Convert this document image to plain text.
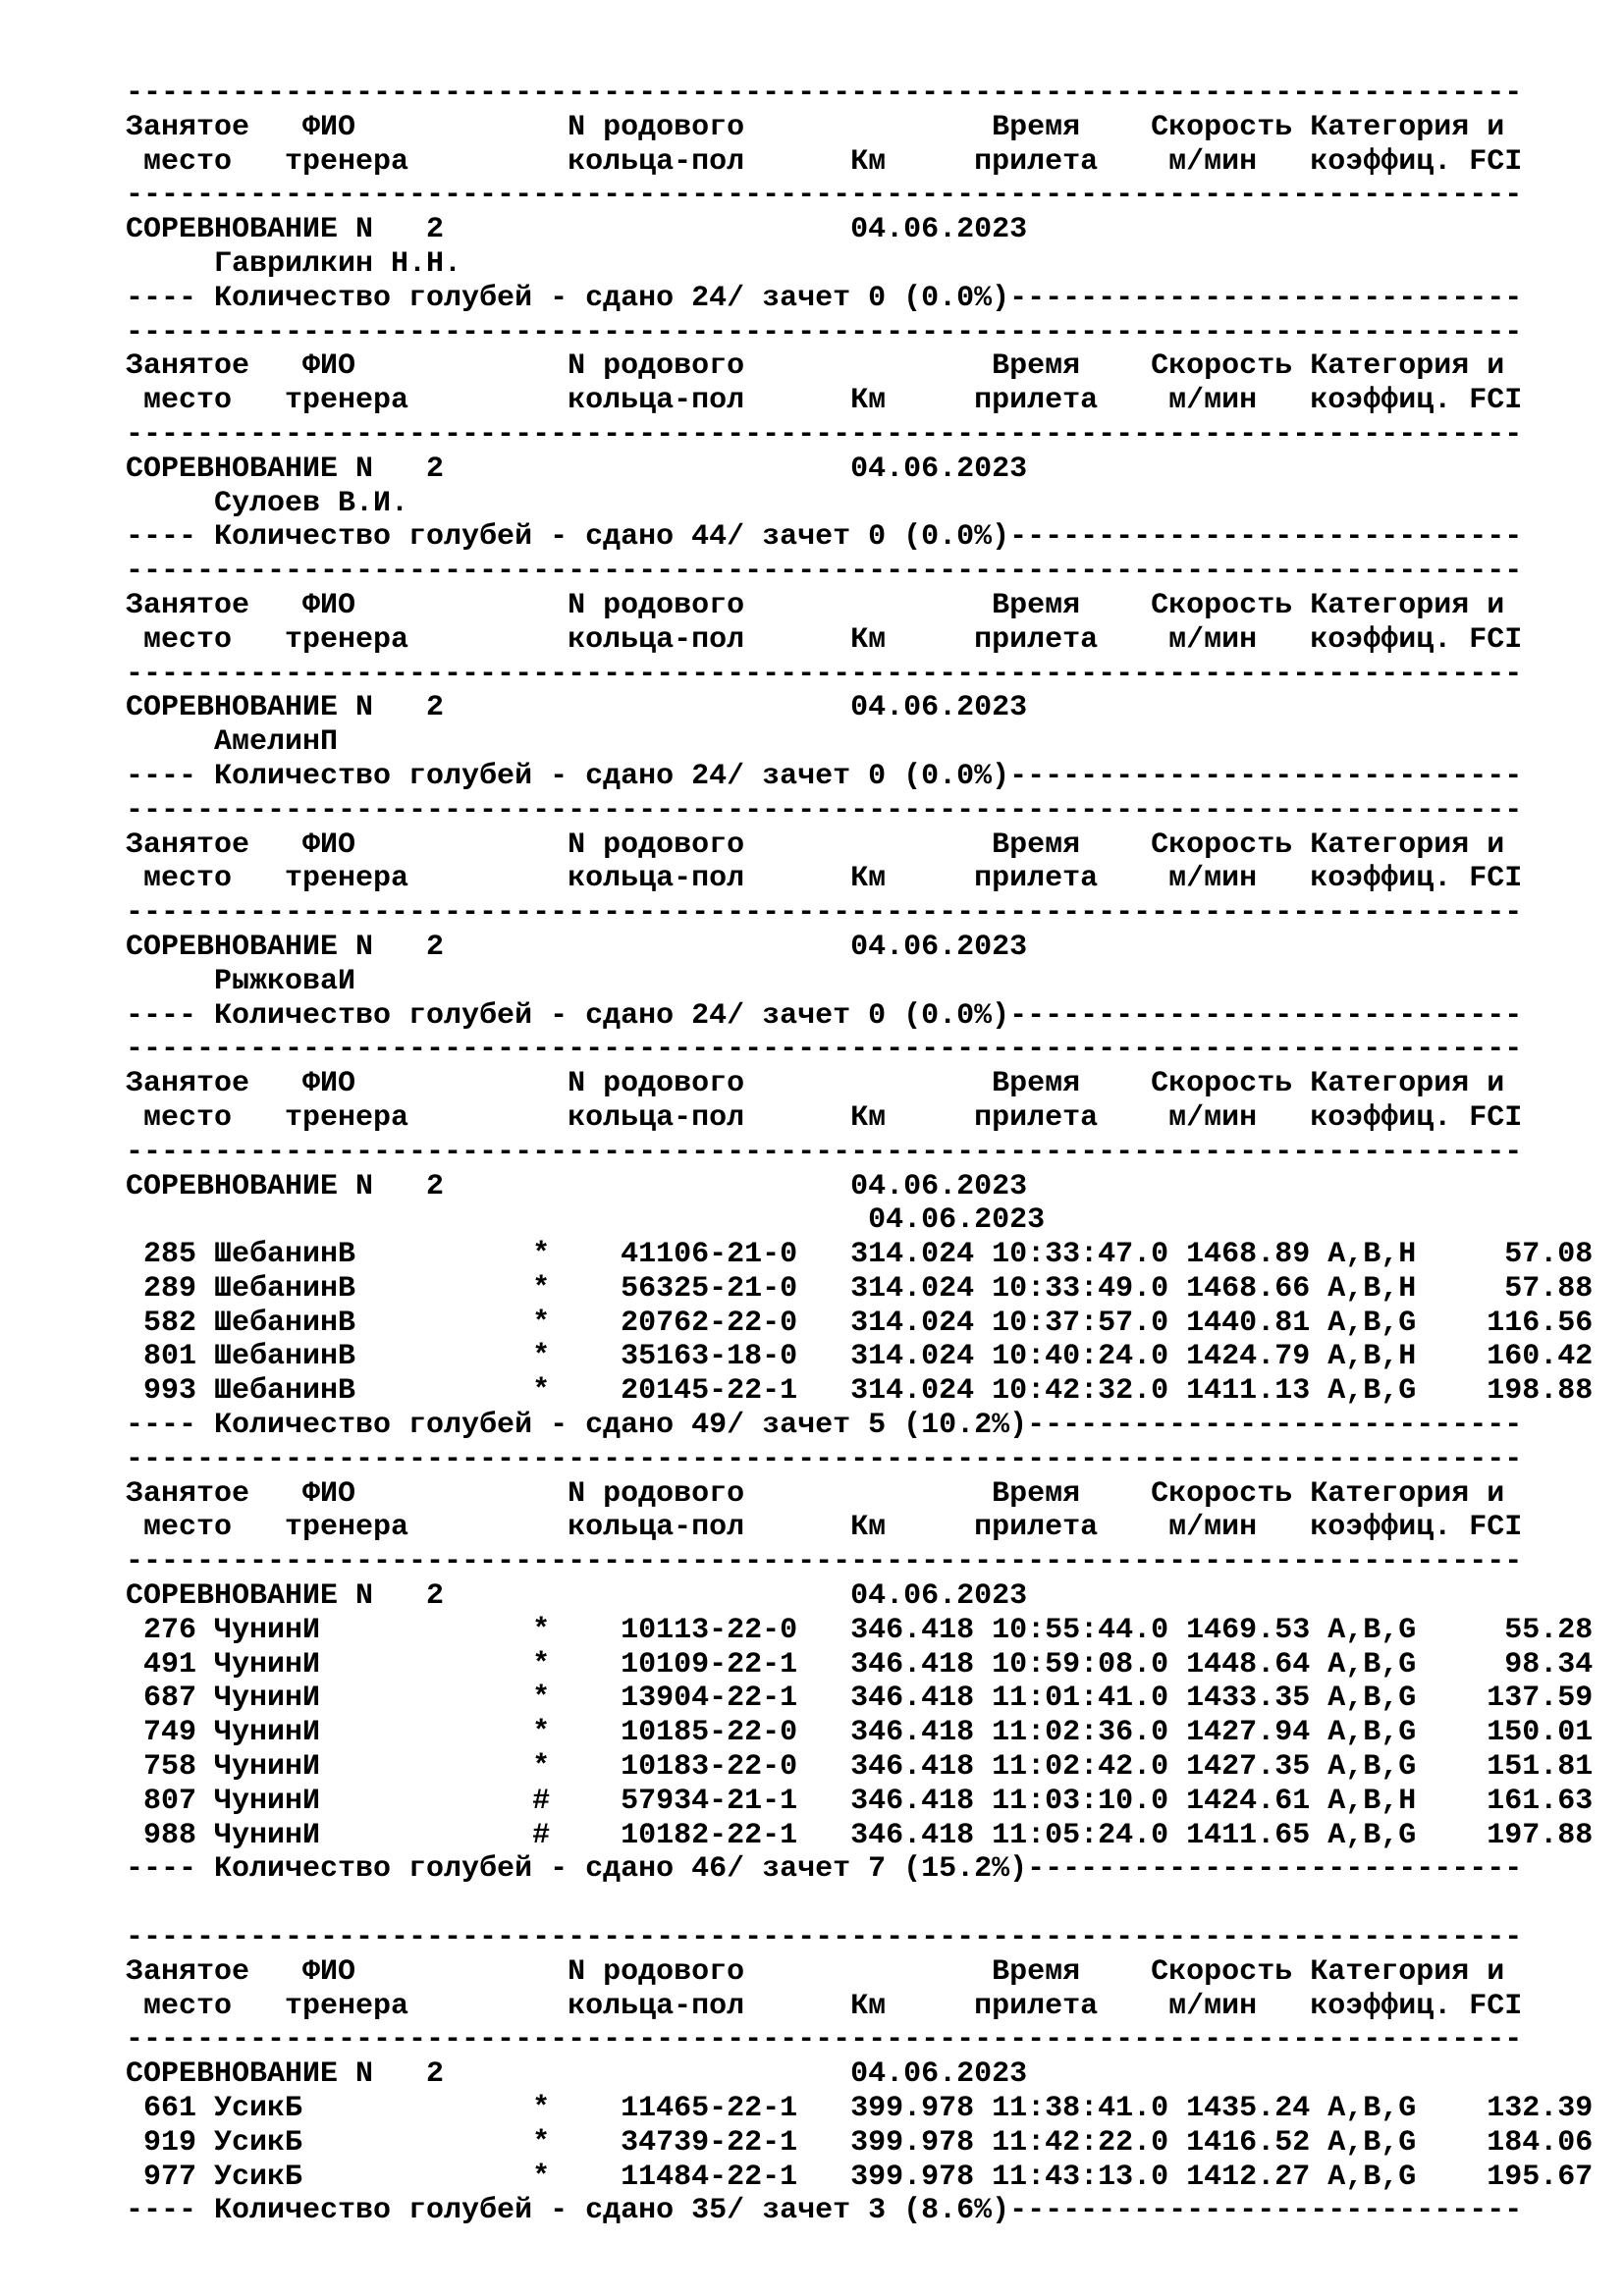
-------------------------------------------------------------------------------
Занятое   ФИО            N родового              Время    Скорость Категория и
место   тренера         кольца-пол      Км     прилета    м/мин   коэффиц. FCI
-------------------------------------------------------------------------------
СОРЕВНОВАНИЕ N   2                       04.06.2023
Гаврилкин Н.Н.
---- Количество голубей - сдано 24/ зачет 0 (0.0%)-----------------------------
-------------------------------------------------------------------------------
Занятое   ФИО            N родового              Время    Скорость Категория и
место   тренера         кольца-пол      Км     прилета    м/мин   коэффиц. FCI
-------------------------------------------------------------------------------
СОРЕВНОВАНИЕ N   2                       04.06.2023
Сулоев В.И.
---- Количество голубей - сдано 44/ зачет 0 (0.0%)-----------------------------
-------------------------------------------------------------------------------
Занятое   ФИО            N родового              Время    Скорость Категория и
место   тренера         кольца-пол      Км     прилета    м/мин   коэффиц. FCI
-------------------------------------------------------------------------------
СОРЕВНОВАНИЕ N   2                       04.06.2023
АмелинП
---- Количество голубей - сдано 24/ зачет 0 (0.0%)-----------------------------
-------------------------------------------------------------------------------
Занятое   ФИО            N родового              Время    Скорость Категория и
место   тренера         кольца-пол      Км     прилета    м/мин   коэффиц. FCI
-------------------------------------------------------------------------------
СОРЕВНОВАНИЕ N   2                       04.06.2023
РыжковаИ
---- Количество голубей - сдано 24/ зачет 0 (0.0%)-----------------------------
-------------------------------------------------------------------------------
Занятое   ФИО            N родового              Время    Скорость Категория и
место   тренера         кольца-пол      Км     прилета    м/мин   коэффиц. FCI
-------------------------------------------------------------------------------
СОРЕВНОВАНИЕ N   2                       04.06.2023
04.06.2023
285 ШебанинВ          *    41106-21-0   314.024 10:33:47.0 1468.89 A,B,H     57.08
289 ШебанинВ          *    56325-21-0   314.024 10:33:49.0 1468.66 A,B,H     57.88
582 ШебанинВ          *    20762-22-0   314.024 10:37:57.0 1440.81 A,B,G    116.56
801 ШебанинВ          *    35163-18-0   314.024 10:40:24.0 1424.79 A,B,H    160.42
993 ШебанинВ          *    20145-22-1   314.024 10:42:32.0 1411.13 A,B,G    198.88
---- Количество голубей - сдано 49/ зачет 5 (10.2%)----------------------------
-------------------------------------------------------------------------------
Занятое   ФИО            N родового              Время    Скорость Категория и
место   тренера         кольца-пол      Км     прилета    м/мин   коэффиц. FCI
-------------------------------------------------------------------------------
СОРЕВНОВАНИЕ N   2                       04.06.2023
276 ЧунинИ            *    10113-22-0   346.418 10:55:44.0 1469.53 A,B,G     55.28
491 ЧунинИ            *    10109-22-1   346.418 10:59:08.0 1448.64 A,B,G     98.34
687 ЧунинИ            *    13904-22-1   346.418 11:01:41.0 1433.35 A,B,G    137.59
749 ЧунинИ            *    10185-22-0   346.418 11:02:36.0 1427.94 A,B,G    150.01
758 ЧунинИ            *    10183-22-0   346.418 11:02:42.0 1427.35 A,B,G    151.81
807 ЧунинИ            #    57934-21-1   346.418 11:03:10.0 1424.61 A,B,H    161.63
988 ЧунинИ            #    10182-22-1   346.418 11:05:24.0 1411.65 A,B,G    197.88
---- Количество голубей - сдано 46/ зачет 7 (15.2%)----------------------------
-------------------------------------------------------------------------------
Занятое   ФИО            N родового              Время    Скорость Категория и
место   тренера         кольца-пол      Км     прилета    м/мин   коэффиц. FCI
-------------------------------------------------------------------------------
СОРЕВНОВАНИЕ N   2                       04.06.2023
661 УсикБ             *    11465-22-1   399.978 11:38:41.0 1435.24 A,B,G    132.39
919 УсикБ             *    34739-22-1   399.978 11:42:22.0 1416.52 A,B,G    184.06
977 УсикБ             *    11484-22-1   399.978 11:43:13.0 1412.27 A,B,G    195.67
---- Количество голубей - сдано 35/ зачет 3 (8.6%)-----------------------------
